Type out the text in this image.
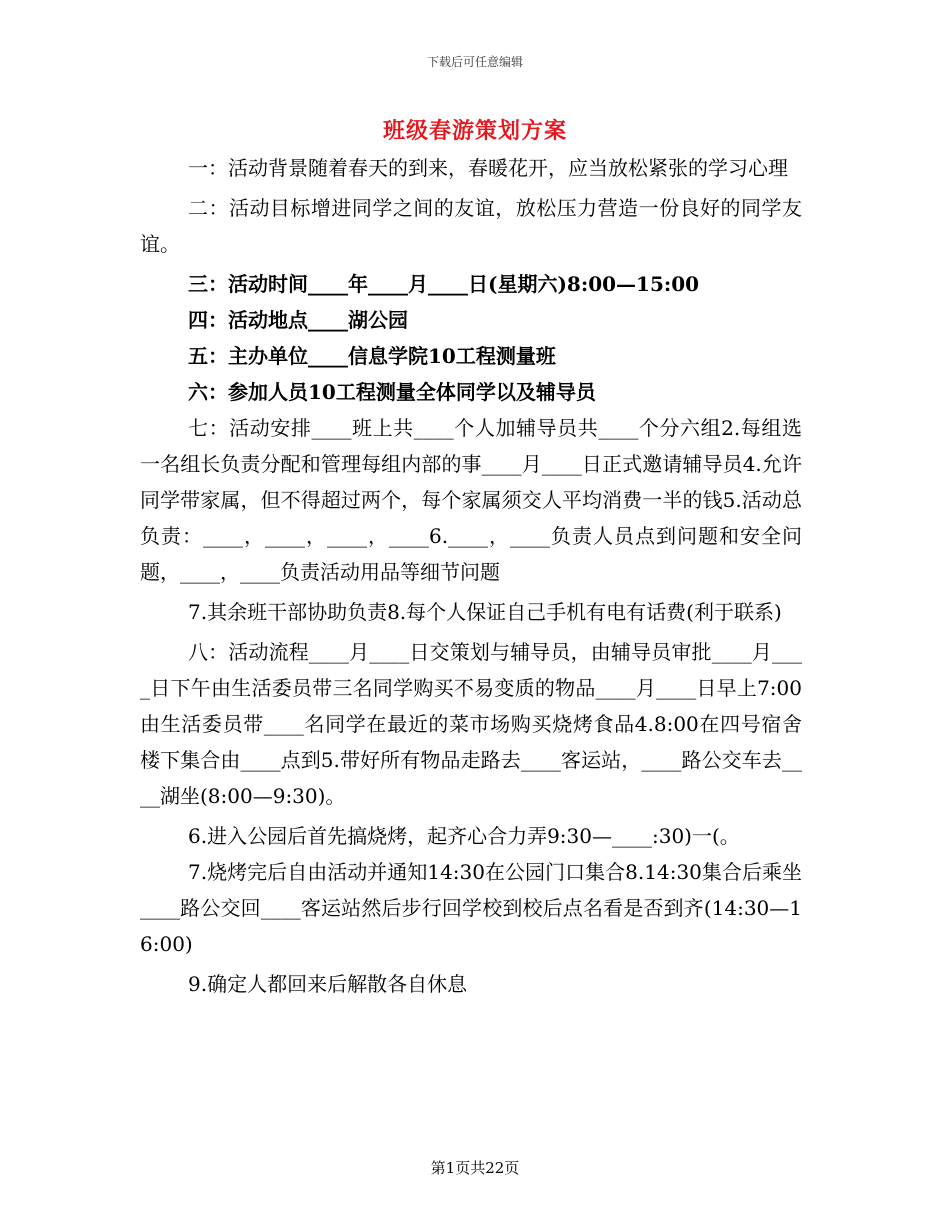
下载后可任意编辑
班级春游策划方案

一：活动背景随着春天的到来，春暖花开，应当放松紧张的学习心理

二：活动目标增进同学之间的友谊，放松压力营造一份良好的同学友谊。

三：活动时间____年____月____日(星期六)8:00—15:00

四：活动地点____湖公园

五：主办单位____信息学院10工程测量班

六：参加人员10工程测量全体同学以及辅导员

七：活动安排____班上共____个人加辅导员共____个分六组2.每组选一名组长负责分配和管理每组内部的事____月____日正式邀请辅导员4.允许同学带家属，但不得超过两个，每个家属须交人平均消费一半的钱5.活动总负责：____，____，____，____6.____，____负责人员点到问题和安全问题，____，____负责活动用品等细节问题

7.其余班干部协助负责8.每个人保证自己手机有电有话费(利于联系)

八：活动流程____月____日交策划与辅导员，由辅导员审批____月____日下午由生活委员带三名同学购买不易变质的物品____月____日早上7:00由生活委员带____名同学在最近的菜市场购买烧烤食品4.8:00在四号宿舍楼下集合由____点到5.带好所有物品走路去____客运站，____路公交车去____湖坐(8:00—9:30)。

6.进入公园后首先搞烧烤，起齐心合力弄9:30—____:30)一(。

7.烧烤完后自由活动并通知14:30在公园门口集合8.14:30集合后乘坐____路公交回____客运站然后步行回学校到校后点名看是否到齐(14:30—16:00)

9.确定人都回来后解散各自休息

第1页共22页
